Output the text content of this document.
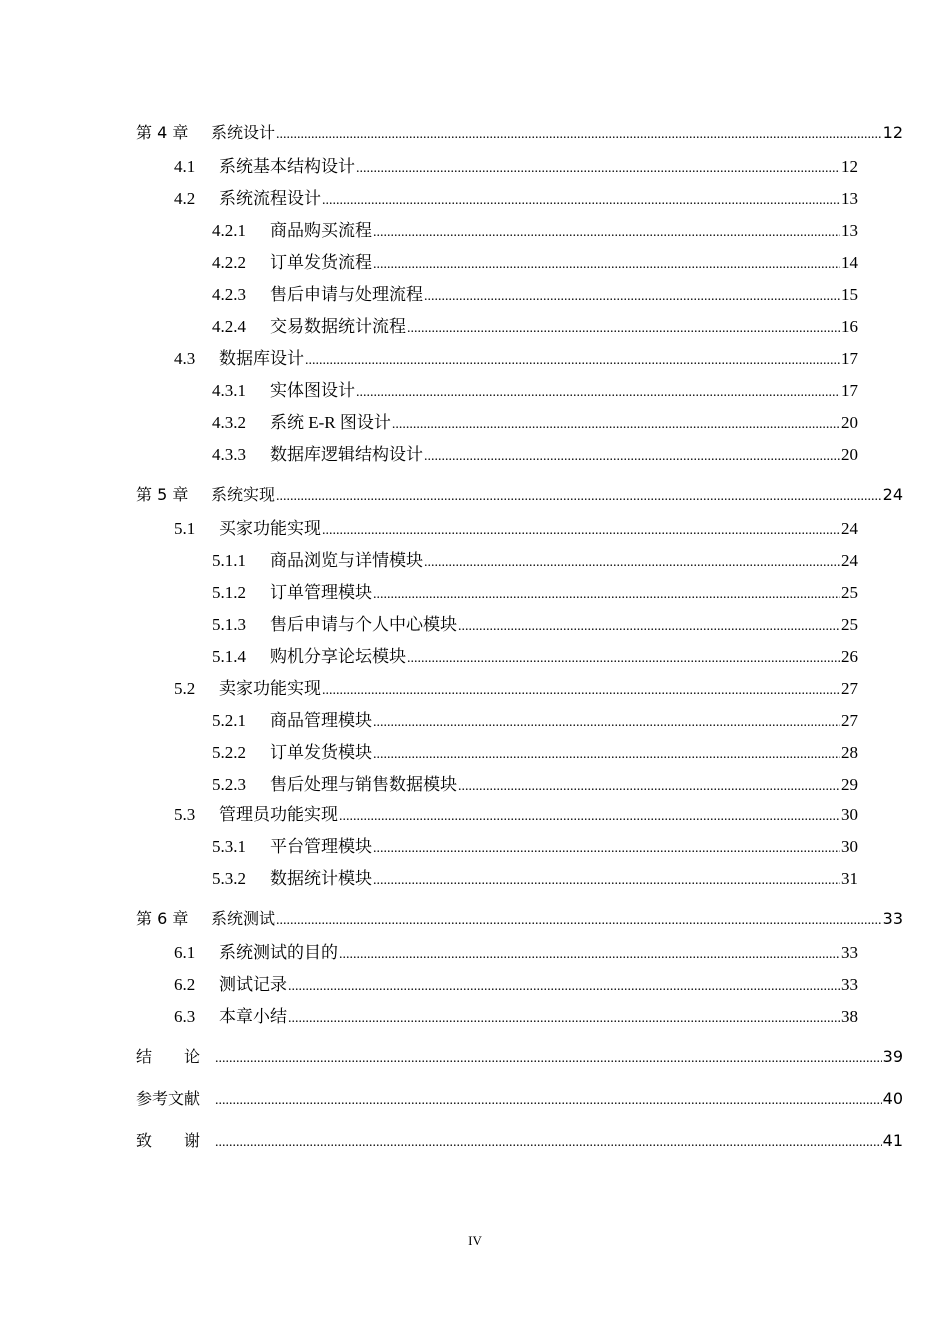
第 4 章	系统设计 .....	12
4.1	系统基本结构设计 .....	12
4.2	系统流程设计 .....	13
4.2.1	商品购买流程 .....	13
4.2.2	订单发货流程 .....	14
4.2.3	售后申请与处理流程 .....	15
4.2.4	交易数据统计流程 .....	16
4.3	数据库设计 .....	17
4.3.1	实体图设计 .....	17
4.3.2	系统 E-R 图设计 .....	20
4.3.3	数据库逻辑结构设计 .....	20
第 5 章	系统实现 .....	24
5.1	买家功能实现 .....	24
5.1.1	商品浏览与详情模块 .....	24
5.1.2	订单管理模块 .....	25
5.1.3	售后申请与个人中心模块 .....	25
5.1.4	购机分享论坛模块 .....	26
5.2	卖家功能实现 .....	27
5.2.1	商品管理模块 .....	27
5.2.2	订单发货模块 .....	28
5.2.3	售后处理与销售数据模块 .....	29
5.3	管理员功能实现 .....	30
5.3.1	平台管理模块 .....	30
5.3.2	数据统计模块 .....	31
第 6 章	系统测试 .....	33
6.1	系统测试的目的 .....	33
6.2	测试记录 .....	33
6.3	本章小结 .....	38
结　　论 .....	39
参考文献 .....	40
致　　谢 .....	41
IV
